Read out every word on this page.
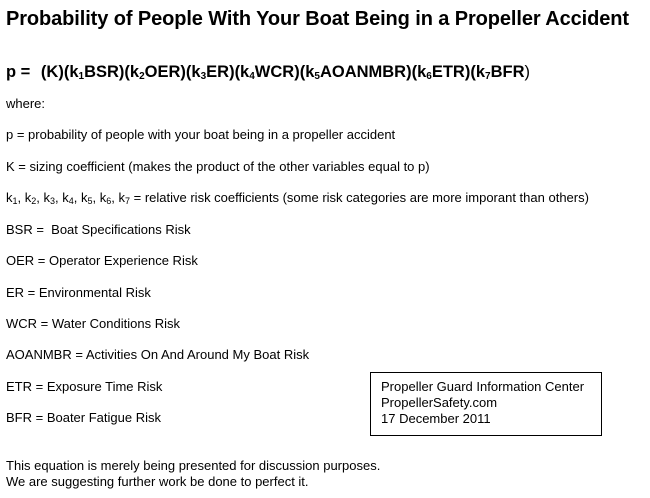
Probability of People With Your Boat Being in a Propeller Accident
p = (K)(k1BSR)(k2OER)(k3ER)(k4WCR)(k5AOANMBR)(k6ETR)(k7BFR)
where:
p = probability of people with your boat being in a propeller accident
K = sizing coefficient (makes the product of the other variables equal to p)
k1, k2, k3, k4, k5, k6, k7 = relative risk coefficients (some risk categories are more imporant than others)
BSR =  Boat Specifications Risk
OER = Operator Experience Risk
ER = Environmental Risk
WCR = Water Conditions Risk
AOANMBR = Activities On And Around My Boat Risk
ETR = Exposure Time Risk
BFR = Boater Fatigue Risk
Propeller Guard Information Center
PropellerSafety.com
17 December 2011
This equation is merely being presented for discussion purposes.
We are suggesting further work be done to perfect it.
